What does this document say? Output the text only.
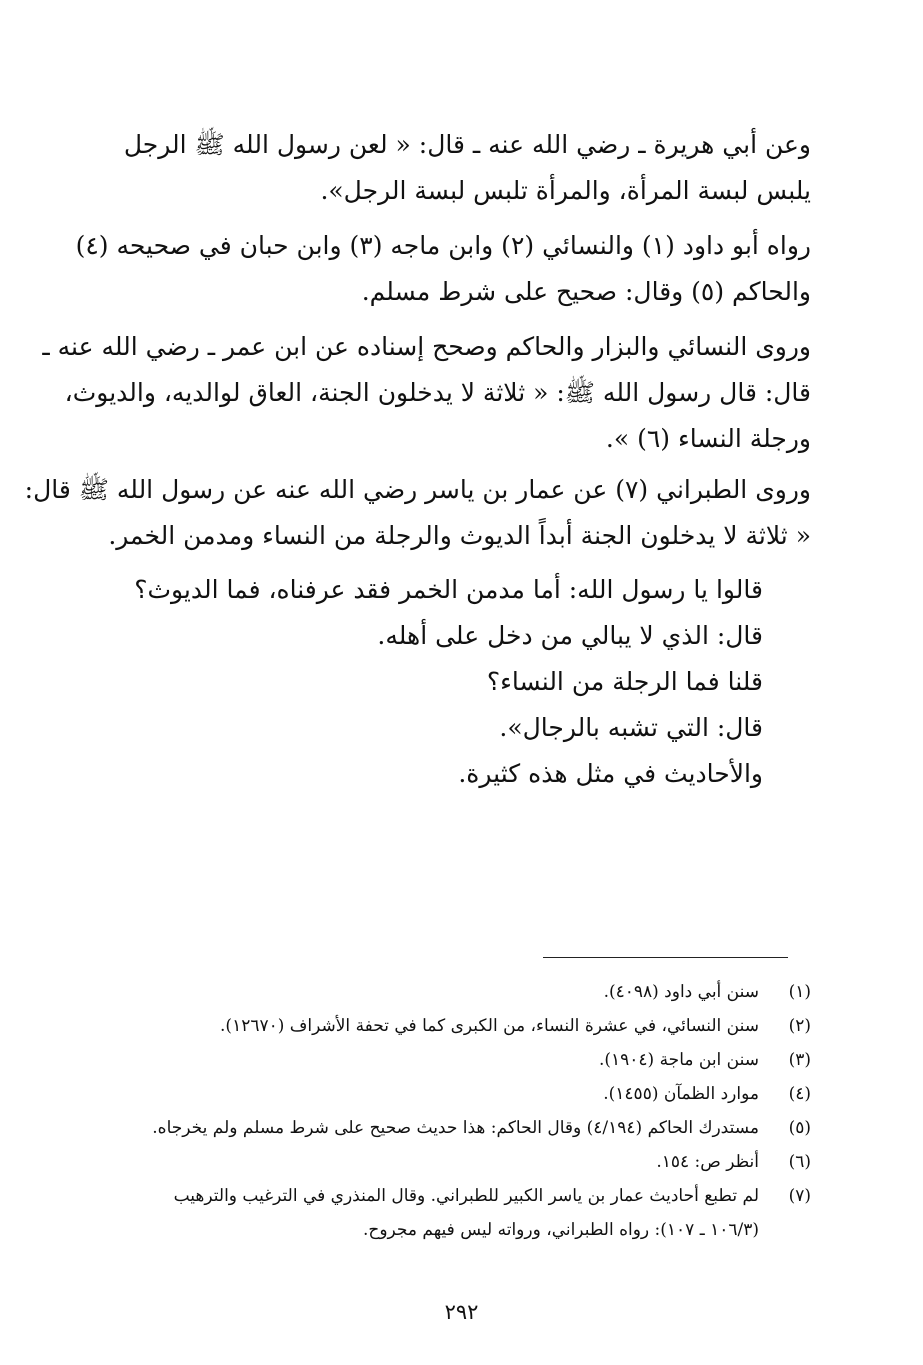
وعن أبي هريرة ـ رضي الله عنه ـ قال: « لعن رسول الله ﷺ الرجل
يلبس لبسة المرأة، والمرأة تلبس لبسة الرجل».

رواه أبو داود (١) والنسائي (٢) وابن ماجه (٣) وابن حبان في صحيحه (٤)
والحاكم (٥) وقال: صحيح على شرط مسلم.

وروى النسائي والبزار والحاكم وصحح إسناده عن ابن عمر ـ رضي الله عنه ـ
قال: قال رسول الله ﷺ: « ثلاثة لا يدخلون الجنة، العاق لوالديه، والديوث،
ورجلة النساء (٦) ».

وروى الطبراني (٧) عن عمار بن ياسر رضي الله عنه عن رسول الله ﷺ قال:
« ثلاثة لا يدخلون الجنة أبداً الديوث والرجلة من النساء ومدمن الخمر.

قالوا يا رسول الله: أما مدمن الخمر فقد عرفناه، فما الديوث؟
قال: الذي لا يبالي من دخل على أهله.
قلنا فما الرجلة من النساء؟
قال: التي تشبه بالرجال».
والأحاديث في مثل هذه كثيرة.
(١)
سنن أبي داود (٤٠٩٨).
(٢)
سنن النسائي، في عشرة النساء، من الكبرى كما في تحفة الأشراف (١٢٦٧٠).
(٣)
سنن ابن ماجة (١٩٠٤).
(٤)
موارد الظمآن (١٤٥٥).
(٥)
مستدرك الحاكم (٤/١٩٤) وقال الحاكم: هذا حديث صحيح على شرط مسلم ولم يخرجاه.
(٦)
أنظر ص: ١٥٤.
(٧)
لم تطبع أحاديث عمار بن ياسر الكبير للطبراني. وقال المنذري في الترغيب والترهيب
(١٠٦/٣ ـ ١٠٧): رواه الطبراني، ورواته ليس فيهم مجروح.
٢٩٢
